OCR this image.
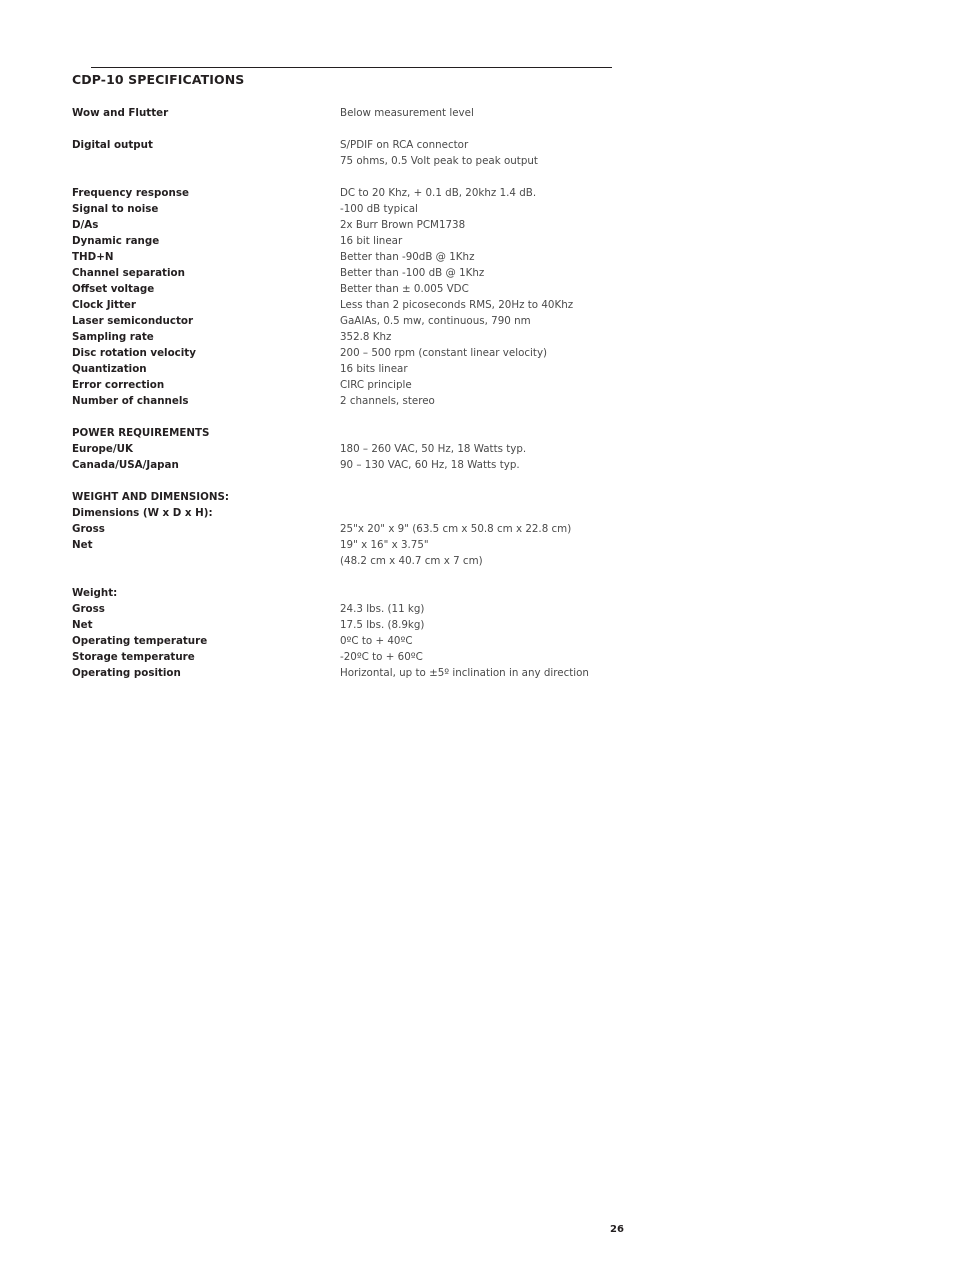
CDP-10 SPECIFICATIONS
Wow and Flutter	Below measurement level
Digital output	S/PDIF on RCA connector
75 ohms, 0.5 Volt peak to peak output
Frequency response	DC to 20 Khz, + 0.1 dB, 20khz 1.4 dB.
Signal to noise	-100 dB typical
D/As	2x Burr Brown PCM1738
Dynamic range	16 bit linear
THD+N	Better than -90dB @ 1Khz
Channel separation	Better than -100 dB @ 1Khz
Offset voltage	Better than ± 0.005 VDC
Clock Jitter	Less than 2 picoseconds RMS, 20Hz to 40Khz
Laser semiconductor	GaAIAs, 0.5 mw, continuous, 790 nm
Sampling rate	352.8 Khz
Disc rotation velocity	200 – 500 rpm (constant linear velocity)
Quantization	16 bits linear
Error correction	CIRC principle
Number of channels	2 channels, stereo
POWER REQUIREMENTS
Europe/UK	180 – 260 VAC, 50 Hz, 18 Watts typ.
Canada/USA/Japan	90 – 130 VAC, 60 Hz, 18 Watts typ.
WEIGHT AND DIMENSIONS:
Dimensions (W x D x H):
Gross	25"x 20" x 9" (63.5 cm x 50.8 cm x 22.8 cm)
Net	19" x 16" x 3.75"
(48.2 cm x 40.7 cm x 7 cm)
Weight:
Gross	24.3 lbs. (11 kg)
Net	17.5 lbs. (8.9kg)
Operating temperature	0ºC to + 40ºC
Storage temperature	-20ºC to + 60ºC
Operating position	Horizontal, up to ±5º inclination in any direction
26
